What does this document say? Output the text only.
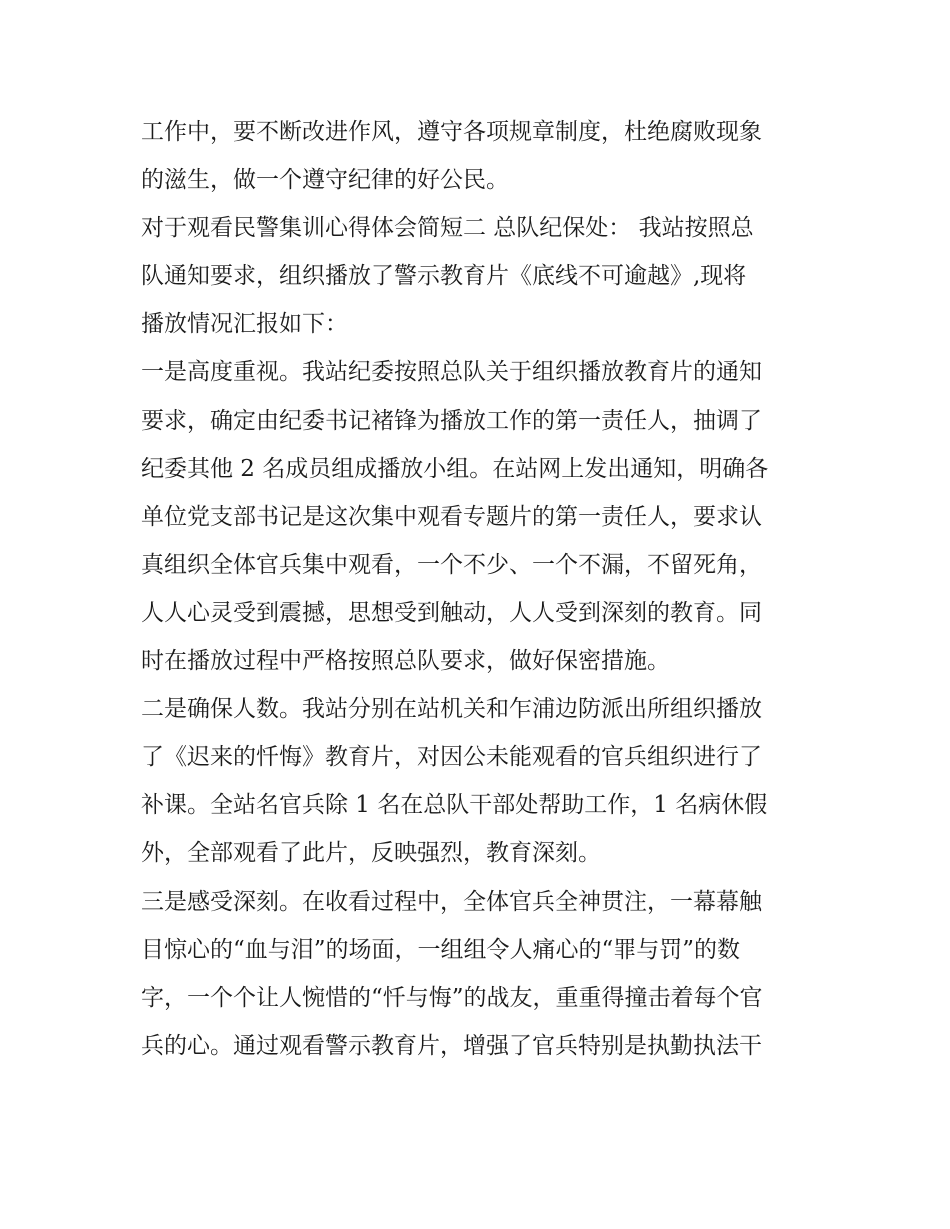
工作中，要不断改进作风，遵守各项规章制度，杜绝腐败现象
的滋生，做一个遵守纪律的好公民。
对于观看民警集训心得体会简短二 总队纪保处： 我站按照总
队通知要求，组织播放了警示教育片《底线不可逾越》,现将
播放情况汇报如下：
一是高度重视。我站纪委按照总队关于组织播放教育片的通知
要求，确定由纪委书记褚锋为播放工作的第一责任人，抽调了
纪委其他 2 名成员组成播放小组。在站网上发出通知，明确各
单位党支部书记是这次集中观看专题片的第一责任人，要求认
真组织全体官兵集中观看，一个不少、一个不漏，不留死角，
人人心灵受到震撼，思想受到触动，人人受到深刻的教育。同
时在播放过程中严格按照总队要求，做好保密措施。
二是确保人数。我站分别在站机关和乍浦边防派出所组织播放
了《迟来的忏悔》教育片，对因公未能观看的官兵组织进行了
补课。全站名官兵除 1 名在总队干部处帮助工作，1 名病休假
外，全部观看了此片，反映强烈，教育深刻。
三是感受深刻。在收看过程中，全体官兵全神贯注，一幕幕触
目惊心的“血与泪”的场面，一组组令人痛心的“罪与罚”的数
字，一个个让人惋惜的“忏与悔”的战友，重重得撞击着每个官
兵的心。通过观看警示教育片，增强了官兵特别是执勤执法干
